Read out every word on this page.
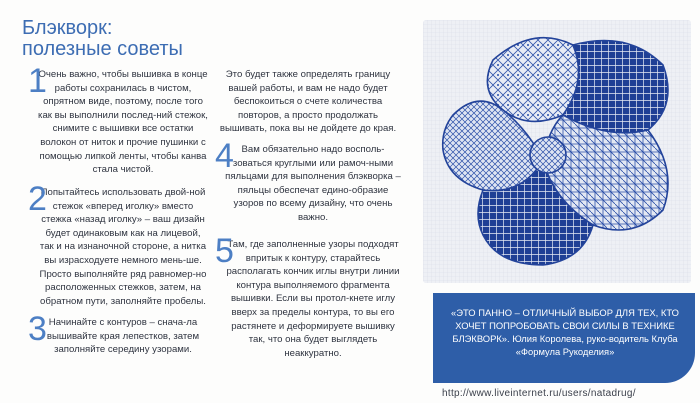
Блэкворк:
полезные советы
1

Очень важно, чтобы вышивка в конце работы сохранилась в чистом, опрятном виде, поэтому, после того как вы выполнили послед-ний стежок, снимите с вышивки все остатки волокон от ниток и прочие пушинки с помощью липкой ленты, чтобы канва стала чистой.

2

Попытайтесь использовать двой-ной стежок «вперед иголку» вместо стежка «назад иголку» – ваш дизайн будет одинаковым как на лицевой, так и на изнаночной стороне, а нитка вы израсходуете немного мень-ше. Просто выполняйте ряд равномер-но расположенных стежков, затем, на обратном пути, заполняйте пробелы.

3 Начинайте с контуров – снача-ла вышивайте края лепестков, затем заполняйте середину узорами.

Это будет также определять границу вашей работы, и вам не надо будет беспокоиться о счете количества повторов, а просто продолжать вышивать, пока вы не дойдете до края.

4 Вам обязательно надо восполь-зоваться круглыми или рамоч-ными пяльцами для выполнения блэкворка – пяльцы обеспечат едино-образие узоров по всему дизайну, что очень важно.

5

Там, где заполненные узоры подходят впритык к контуру, старайтесь располагать кончик иглы внутри линии контура выполняемого фрагмента вышивки. Если вы протол-кнете иглу вверх за пределы контура, то вы его растянете и деформируете вышивку так, что она будет выглядеть неаккуратно.

«ЭТО ПАННО – ОТЛИЧНЫЙ ВЫБОР ДЛЯ ТЕХ, КТО ХОЧЕТ ПОПРОБОВАТЬ СВОИ СИЛЫ В ТЕХНИКЕ БЛЭКВОРК». Юлия Королева, руко-водитель Клуба «Формула Рукоделия»

http://www.liveinternet.ru/users/natadrug/
